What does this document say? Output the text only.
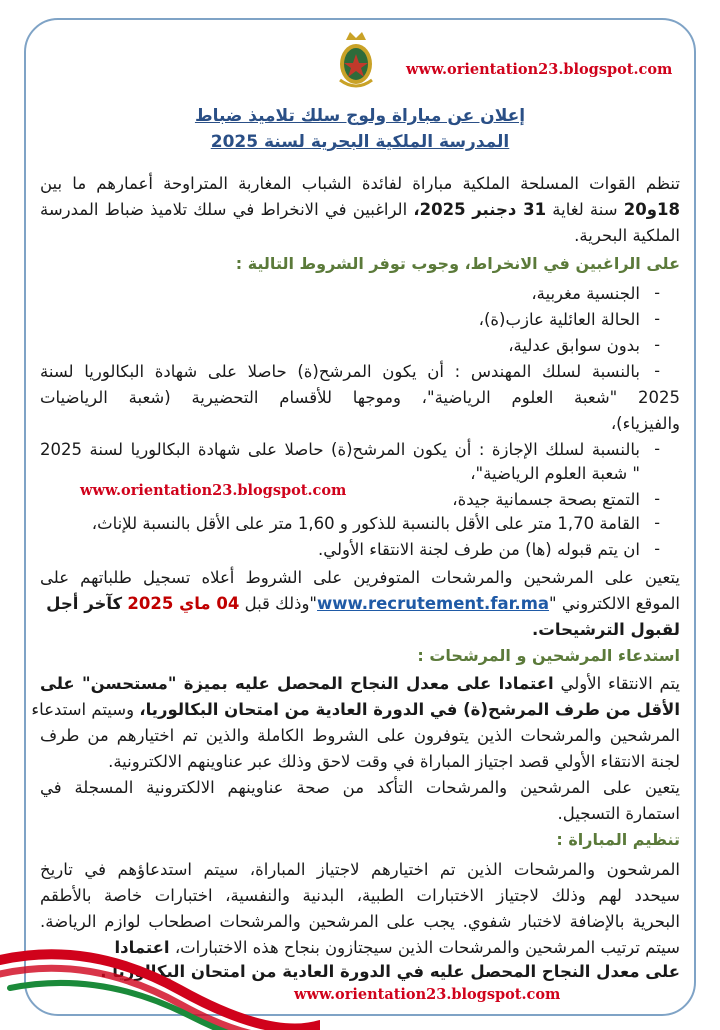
www.orientation23.blogspot.com
إعلان عن مباراة ولوج سلك تلاميذ ضباط
المدرسة الملكية البحرية لسنة 2025
تنظم القوات المسلحة الملكية مباراة لفائدة الشباب المغاربة المتراوحة أعمارهم ما بين
18و20 سنة لغاية 31 دجنبر 2025، الراغبين في الانخراط في سلك تلاميذ ضباط المدرسة
الملكية البحرية.
على الراغبين في الانخراط، وجوب توفر الشروط التالية :
الجنسية مغربية، -
الحالة العائلية عازب(ة)، -
بدون سوابق عدلية، -
بالنسبة لسلك المهندس : أن يكون المرشح(ة) حاصلا على شهادة البكالوريا لسنة -
2025 "شعبة العلوم الرياضية"، وموجها للأقسام التحضيرية (شعبة الرياضيات
والفيزياء)،
بالنسبة لسلك الإجازة : أن يكون المرشح(ة) حاصلا على شهادة البكالوريا لسنة 2025 -
" شعبة العلوم الرياضية"،
www.orientation23.blogspot.com	التمتع بصحة جسمانية جيدة، -
القامة 1,70 متر على الأقل بالنسبة للذكور و 1,60 متر على الأقل بالنسبة للإناث، -
ان يتم قبوله (ها) من طرف لجنة الانتقاء الأولي. -
يتعين على المرشحين والمرشحات المتوفرين على الشروط أعلاه تسجيل طلباتهم على
الموقع الالكتروني "www.recrutement.far.ma"وذلك قبل 04 ماي 2025 كآخر أجل
لقبول الترشيحات.
استدعاء المرشحين و المرشحات :
يتم الانتقاء الأولي اعتمادا على معدل النجاح المحصل عليه بميزة "مستحسن" على
الأقل من طرف المرشح(ة) في الدورة العادية من امتحان البكالوريا، وسيتم استدعاء
المرشحين والمرشحات الذين يتوفرون على الشروط الكاملة والذين تم اختيارهم من طرف
لجنة الانتقاء الأولي قصد اجتياز المباراة في وقت لاحق وذلك عبر عناوينهم الالكترونية.
يتعين على المرشحين والمرشحات التأكد من صحة عناوينهم الالكترونية المسجلة في
استمارة التسجيل.
تنظيم المباراة :
المرشحون والمرشحات الذين تم اختيارهم لاجتياز المباراة، سيتم استدعاؤهم في تاريخ
سيحدد لهم وذلك لاجتياز الاختبارات الطبية، البدنية والنفسية، اختبارات خاصة بالأطقم
البحرية بالإضافة لاختبار شفوي. يجب على المرشحين والمرشحات اصطحاب لوازم الرياضة.
سيتم ترتيب المرشحين والمرشحات الذين سيجتازون بنجاح هذه الاختبارات، اعتمادا
على معدل النجاح المحصل عليه في الدورة العادية من امتحان البكالوريا .
www.orientation23.blogspot.com
